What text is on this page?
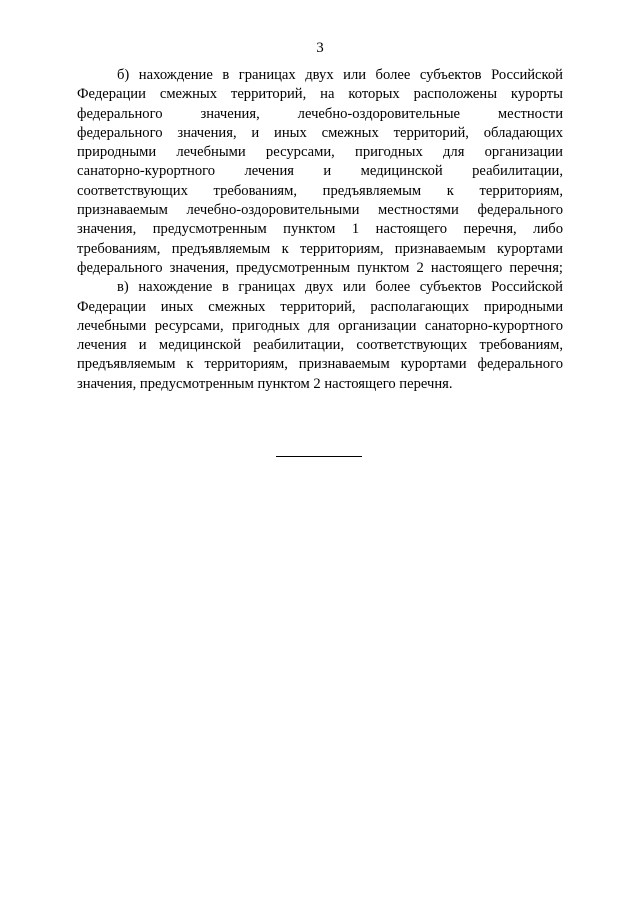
3
б) нахождение в границах двух или более субъектов Российской
Федерации смежных территорий, на которых расположены курорты
федерального значения, лечебно-оздоровительные местности
федерального значения, и иных смежных территорий, обладающих
природными лечебными ресурсами, пригодных для организации
санаторно-курортного лечения и медицинской реабилитации,
соответствующих требованиям, предъявляемым к территориям,
признаваемым лечебно-оздоровительными местностями федерального
значения, предусмотренным пунктом 1 настоящего перечня, либо
требованиям, предъявляемым к территориям, признаваемым курортами
федерального значения, предусмотренным пунктом 2 настоящего перечня;
в) нахождение в границах двух или более субъектов Российской
Федерации иных смежных территорий, располагающих природными
лечебными ресурсами, пригодных для организации санаторно-курортного
лечения и медицинской реабилитации, соответствующих требованиям,
предъявляемым к территориям, признаваемым курортами федерального
значения, предусмотренным пунктом 2 настоящего перечня.
